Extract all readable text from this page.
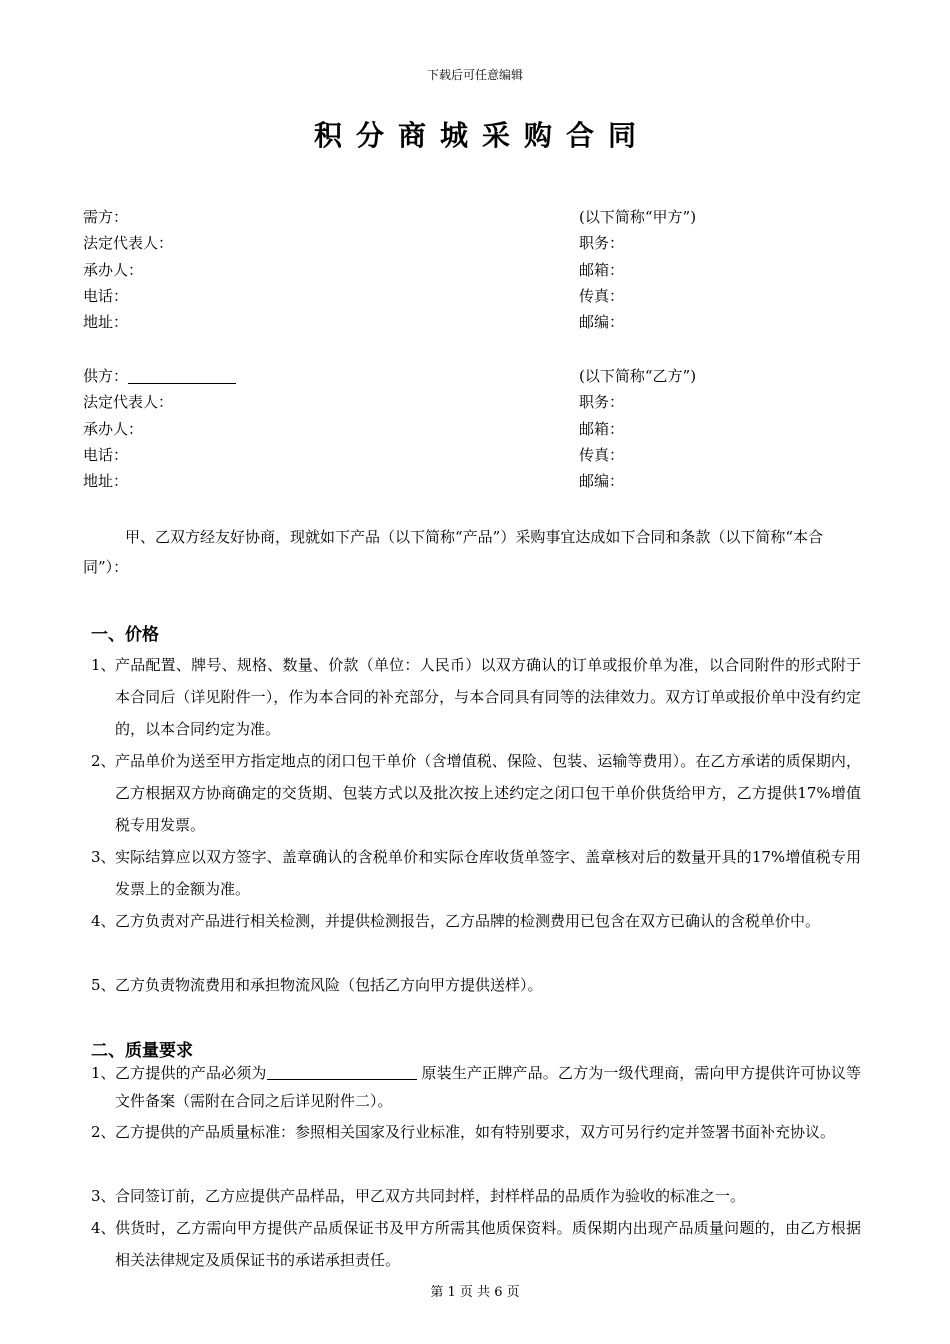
下载后可任意编辑
积分商城采购合同
需方：	(以下简称“甲方”)
法定代表人：	职务：
承办人：	邮箱：
电话：	传真：
地址：	邮编：
供方：	(以下简称“乙方”)
法定代表人：	职务：
承办人：	邮箱：
电话：	传真：
地址：	邮编：
甲、乙双方经友好协商，现就如下产品（以下简称“产品”）采购事宜达成如下合同和条款（以下简称“本合同”）：
一、价格
1、 产品配置、牌号、规格、数量、价款（单位：人民币）以双方确认的订单或报价单为准，以合同附件的形式附于本合同后（详见附件一），作为本合同的补充部分，与本合同具有同等的法律效力。双方订单或报价单中没有约定的，以本合同约定为准。
2、 产品单价为送至甲方指定地点的闭口包干单价（含增值税、保险、包装、运输等费用）。在乙方承诺的质保期内，乙方根据双方协商确定的交货期、包装方式以及批次按上述约定之闭口包干单价供货给甲方，乙方提供17%增值税专用发票。
3、 实际结算应以双方签字、盖章确认的含税单价和实际仓库收货单签字、盖章核对后的数量开具的17%增值税专用发票上的金额为准。
4、 乙方负责对产品进行相关检测，并提供检测报告，乙方品牌的检测费用已包含在双方已确认的含税单价中。
5、 乙方负责物流费用和承担物流风险（包括乙方向甲方提供送样）。
二、质量要求
1、 乙方提供的产品必须为	原装生产正牌产品。乙方为一级代理商，需向甲方提供许可协议等文件备案（需附在合同之后详见附件二）。
2、 乙方提供的产品质量标准：参照相关国家及行业标准，如有特别要求，双方可另行约定并签署书面补充协议。
3、 合同签订前，乙方应提供产品样品，甲乙双方共同封样，封样样品的品质作为验收的标准之一。
4、 供货时，乙方需向甲方提供产品质保证书及甲方所需其他质保资料。质保期内出现产品质量问题的，由乙方根据相关法律规定及质保证书的承诺承担责任。
第 1 页 共 6 页
